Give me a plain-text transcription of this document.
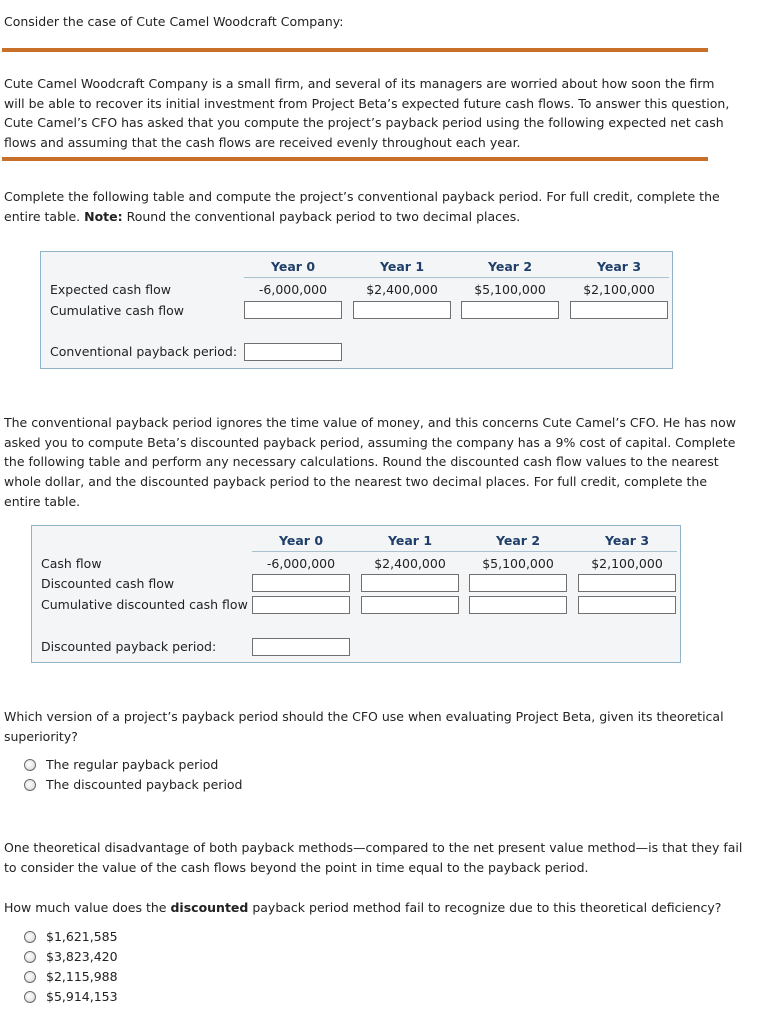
Consider the case of Cute Camel Woodcraft Company:
Cute Camel Woodcraft Company is a small firm, and several of its managers are worried about how soon the firm
will be able to recover its initial investment from Project Beta’s expected future cash flows. To answer this question,
Cute Camel’s CFO has asked that you compute the project’s payback period using the following expected net cash
flows and assuming that the cash flows are received evenly throughout each year.
Complete the following table and compute the project’s conventional payback period. For full credit, complete the
entire table. Note: Round the conventional payback period to two decimal places.
Year 0	Year 1	Year 2	Year 3
Expected cash flow	-6,000,000	$2,400,000	$5,100,000	$2,100,000
Cumulative cash flow
Conventional payback period:
The conventional payback period ignores the time value of money, and this concerns Cute Camel’s CFO. He has now
asked you to compute Beta’s discounted payback period, assuming the company has a 9% cost of capital. Complete
the following table and perform any necessary calculations. Round the discounted cash flow values to the nearest
whole dollar, and the discounted payback period to the nearest two decimal places. For full credit, complete the
entire table.
Year 0	Year 1	Year 2	Year 3
Cash flow	-6,000,000	$2,400,000	$5,100,000	$2,100,000
Discounted cash flow
Cumulative discounted cash flow
Discounted payback period:
Which version of a project’s payback period should the CFO use when evaluating Project Beta, given its theoretical
superiority?
The regular payback period
The discounted payback period
One theoretical disadvantage of both payback methods—compared to the net present value method—is that they fail
to consider the value of the cash flows beyond the point in time equal to the payback period.
How much value does the discounted payback period method fail to recognize due to this theoretical deficiency?
$1,621,585
$3,823,420
$2,115,988
$5,914,153
